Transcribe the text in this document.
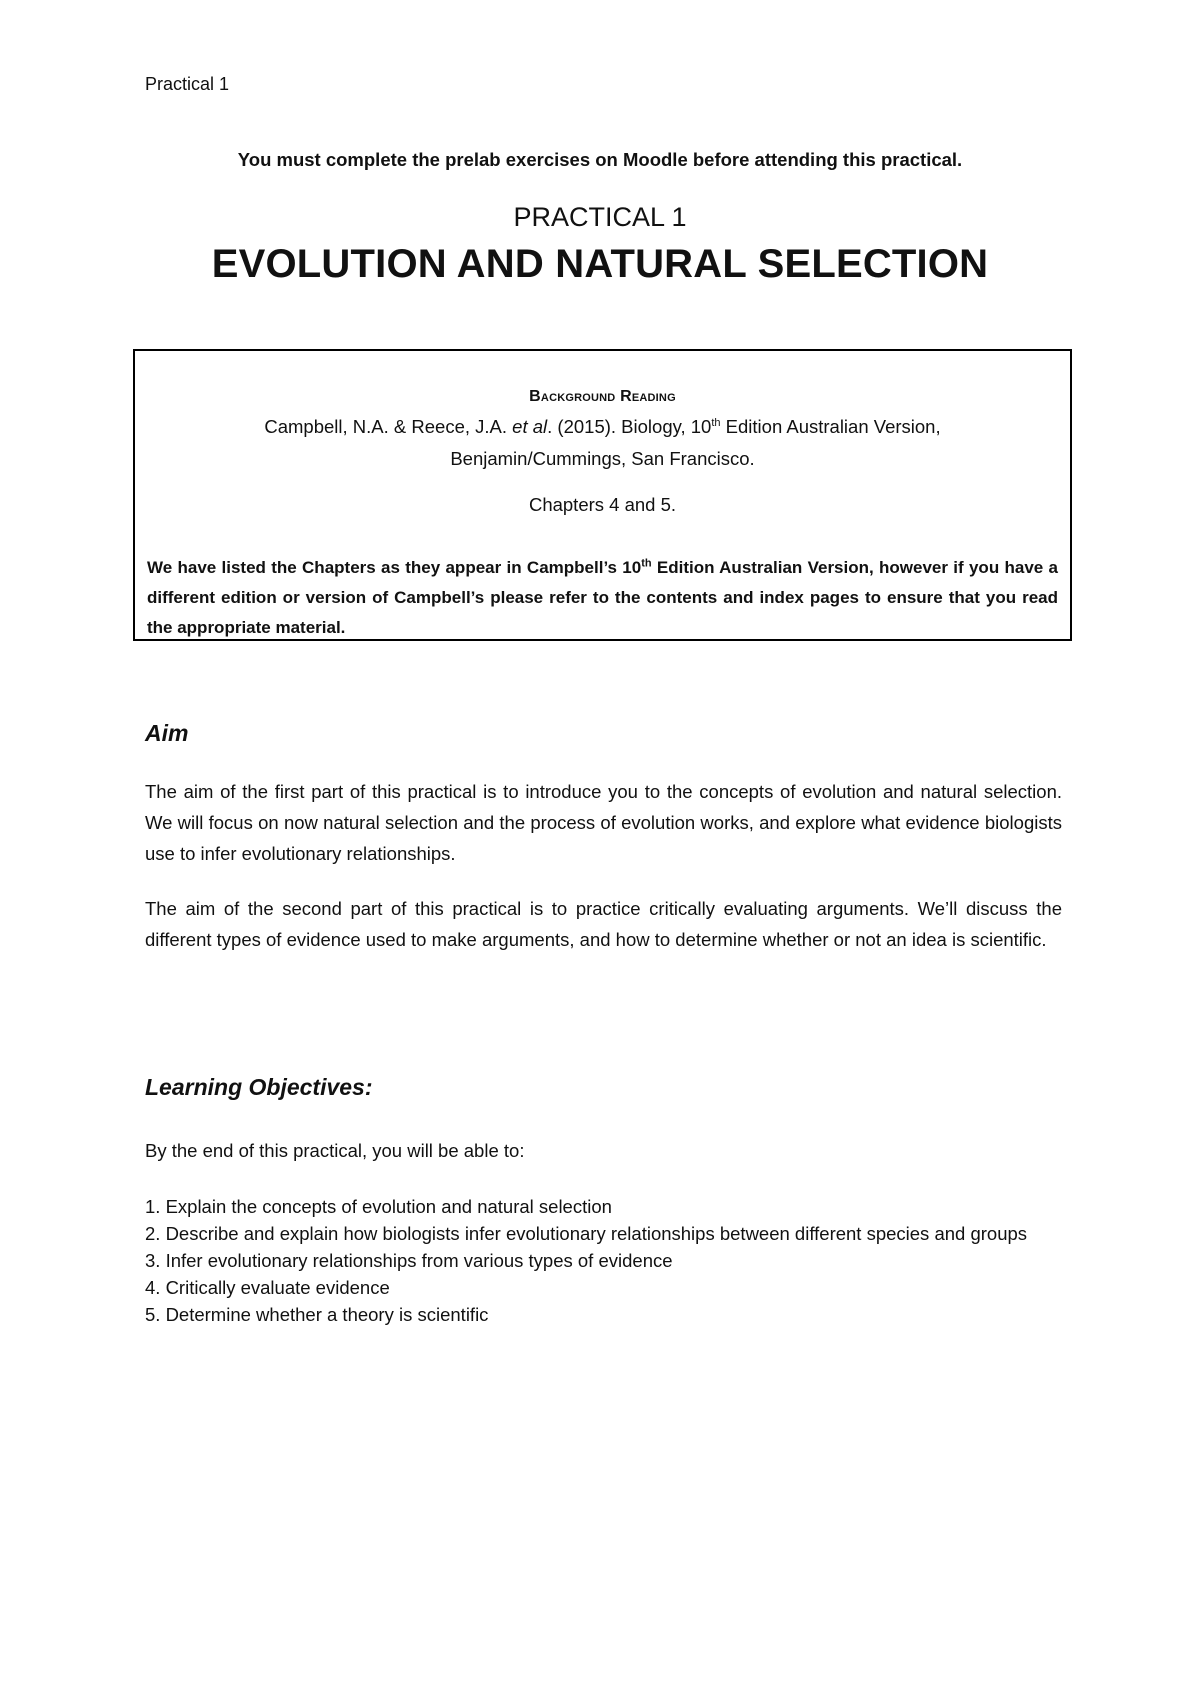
Practical 1
You must complete the prelab exercises on Moodle before attending this practical.
PRACTICAL 1
EVOLUTION AND NATURAL SELECTION
Background Reading
Campbell, N.A. & Reece, J.A. et al. (2015). Biology, 10th Edition Australian Version,
Benjamin/Cummings, San Francisco.
Chapters 4 and 5.
We have listed the Chapters as they appear in Campbell’s 10th Edition Australian Version, however if you have a different edition or version of Campbell’s please refer to the contents and index pages to ensure that you read the appropriate material.
Aim
The aim of the first part of this practical is to introduce you to the concepts of evolution and natural selection. We will focus on now natural selection and the process of evolution works, and explore what evidence biologists use to infer evolutionary relationships.
The aim of the second part of this practical is to practice critically evaluating arguments. We’ll discuss the different types of evidence used to make arguments, and how to determine whether or not an idea is scientific.
Learning Objectives:
By the end of this practical, you will be able to:
1. Explain the concepts of evolution and natural selection
2. Describe and explain how biologists infer evolutionary relationships between different species and groups
3. Infer evolutionary relationships from various types of evidence
4. Critically evaluate evidence
5. Determine whether a theory is scientific
